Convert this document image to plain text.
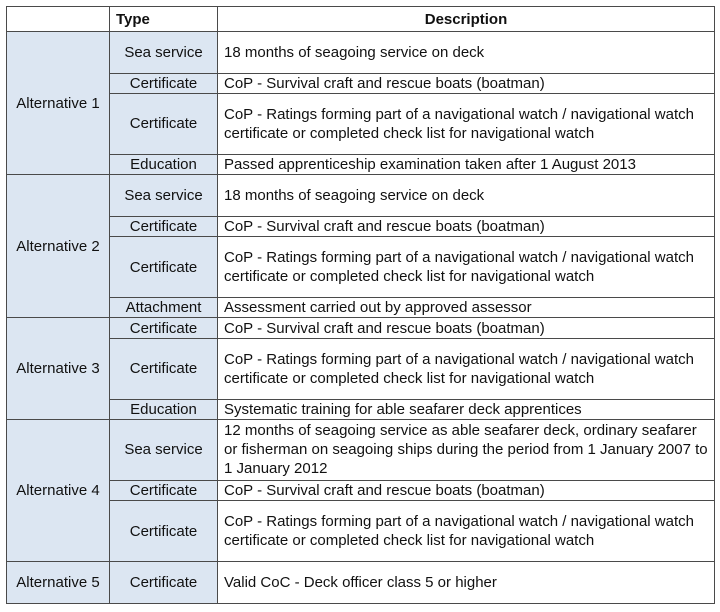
	Type	Description
Alternative 1	Sea service	18 months of seagoing service on deck
	Certificate	CoP - Survival craft and rescue boats (boatman)
	Certificate	CoP - Ratings forming part of a navigational watch / navigational watch certificate or completed check list for navigational watch
	Education	Passed apprenticeship examination taken after 1 August 2013
Alternative 2	Sea service	18 months of seagoing service on deck
	Certificate	CoP - Survival craft and rescue boats (boatman)
	Certificate	CoP - Ratings forming part of a navigational watch / navigational watch certificate or completed check list for navigational watch
	Attachment	Assessment carried out by approved assessor
Alternative 3	Certificate	CoP - Survival craft and rescue boats (boatman)
	Certificate	CoP - Ratings forming part of a navigational watch / navigational watch certificate or completed check list for navigational watch
	Education	Systematic training for able seafarer deck apprentices
Alternative 4	Sea service	12 months of seagoing service as able seafarer deck, ordinary seafarer or fisherman on seagoing ships during the period from 1 January 2007 to 1 January 2012
	Certificate	CoP - Survival craft and rescue boats (boatman)
	Certificate	CoP - Ratings forming part of a navigational watch / navigational watch certificate or completed check list for navigational watch
Alternative 5	Certificate	Valid CoC - Deck officer class 5 or higher
